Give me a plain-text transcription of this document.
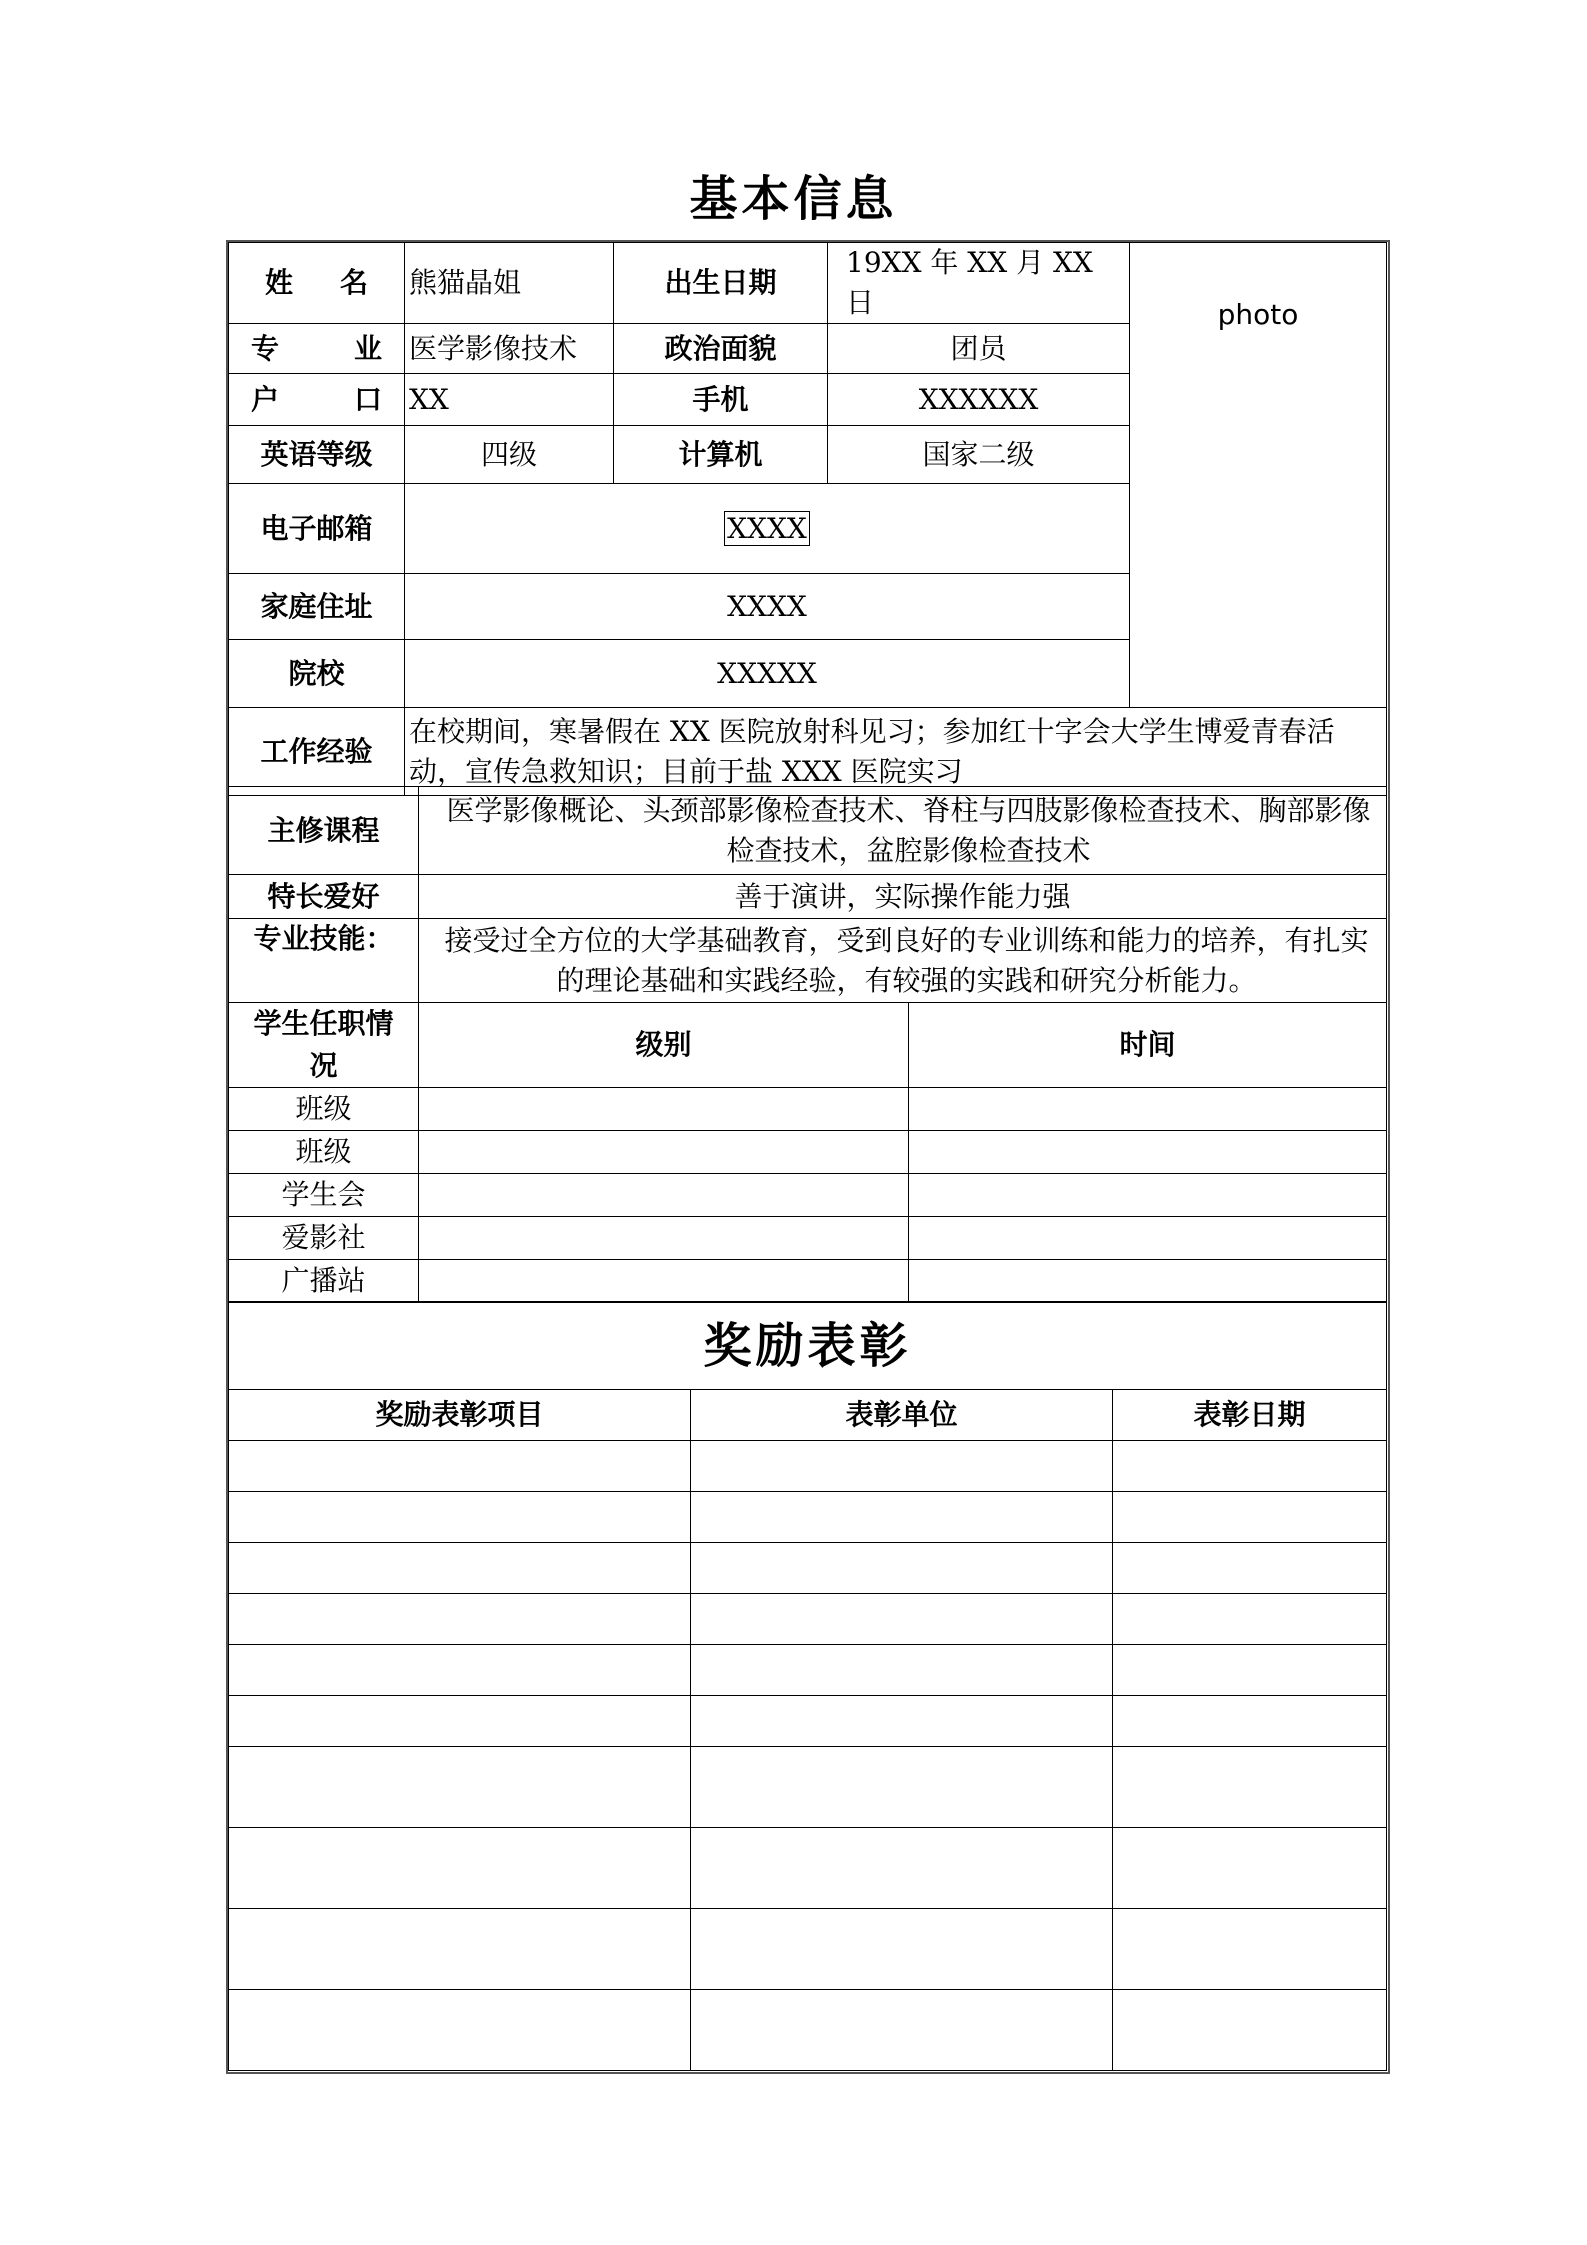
基本信息
姓 名	熊猫晶姐	出生日期	19XX 年 XX 月 XX 日	photo

专 业	医学影像技术	政治面貌	团员	

户 口	XX	手机	XXXXXX	
英语等级	四级	计算机	国家二级	
电子邮箱	XXXX			
家庭住址	XXXX			
院校	XXXXX			
工作经验	在校期间，寒暑假在 XX 医院放射科见习；参加红十字会大学生博爱青春活动，宣传急救知识；目前于盐 XXX 医院实习			
主修课程	医学影像概论、头颈部影像检查技术、脊柱与四肢影像检查技术、胸部影像检查技术，盆腔影像检查技术	
特长爱好	善于演讲，实际操作能力强	
专业技能：	接受过全方位的大学基础教育，受到良好的专业训练和能力的培养，有扎实的理论基础和实践经验，有较强的实践和研究分析能力。	
学生任职情况	级别	时间
班级		
班级		
学生会		
爱影社		
广播站		
奖励表彰		
奖励表彰项目	表彰单位	表彰日期
